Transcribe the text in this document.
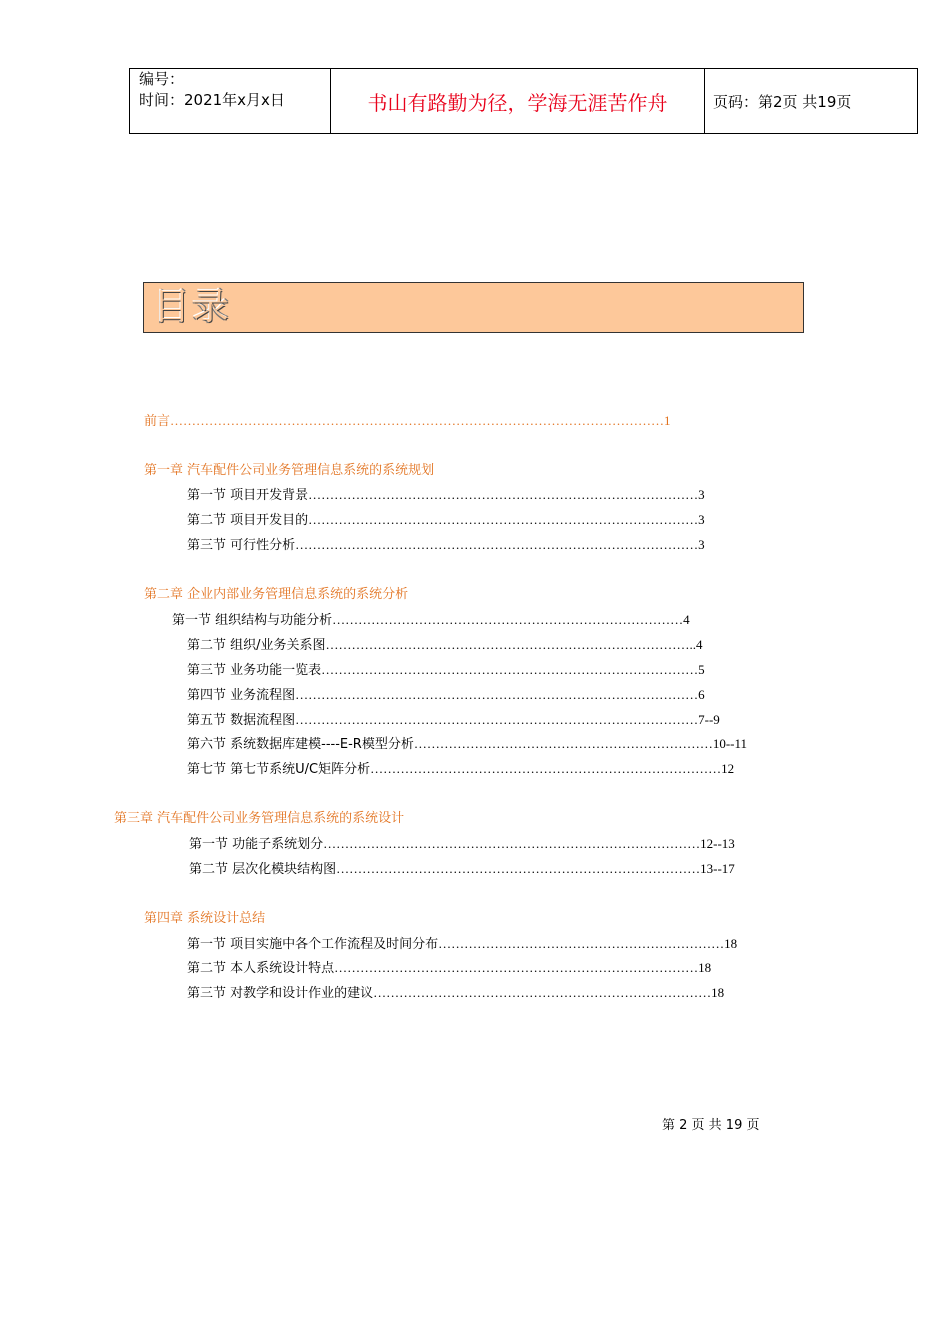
编号：
时间：2021年x月x日	书山有路勤为径，学海无涯苦作舟	页码：第2页 共19页
目录
前言……………………………………………………………………………………………………1
第一章 汽车配件公司业务管理信息系统的系统规划
第一节 项目开发背景………………………………………………………………………………3
第二节 项目开发目的………………………………………………………………………………3
第三节 可行性分析…………………………………………………………………………………3
第二章 企业内部业务管理信息系统的系统分析
第一节 组织结构与功能分析………………………………………………………………………4
第二节 组织/业务关系图…………………………………………………………………………..4
第三节 业务功能一览表……………………………………………………………………………5
第四节 业务流程图…………………………………………………………………………………6
第五节 数据流程图…………………………………………………………………………………7--9
第六节 系统数据库建模----E-R模型分析……………………………………………………………10--11
第七节 第七节系统U/C矩阵分析………………………………………………………………………12
第三章 汽车配件公司业务管理信息系统的系统设计
第一节 功能子系统划分……………………………………………………………………………12--13
第二节 层次化模块结构图…………………………………………………………………………13--17
第四章 系统设计总结
第一节 项目实施中各个工作流程及时间分布…………………………………………………………18
第二节 本人系统设计特点…………………………………………………………………………18
第三节 对教学和设计作业的建议……………………………………………………………………18
第 2 页 共 19 页
